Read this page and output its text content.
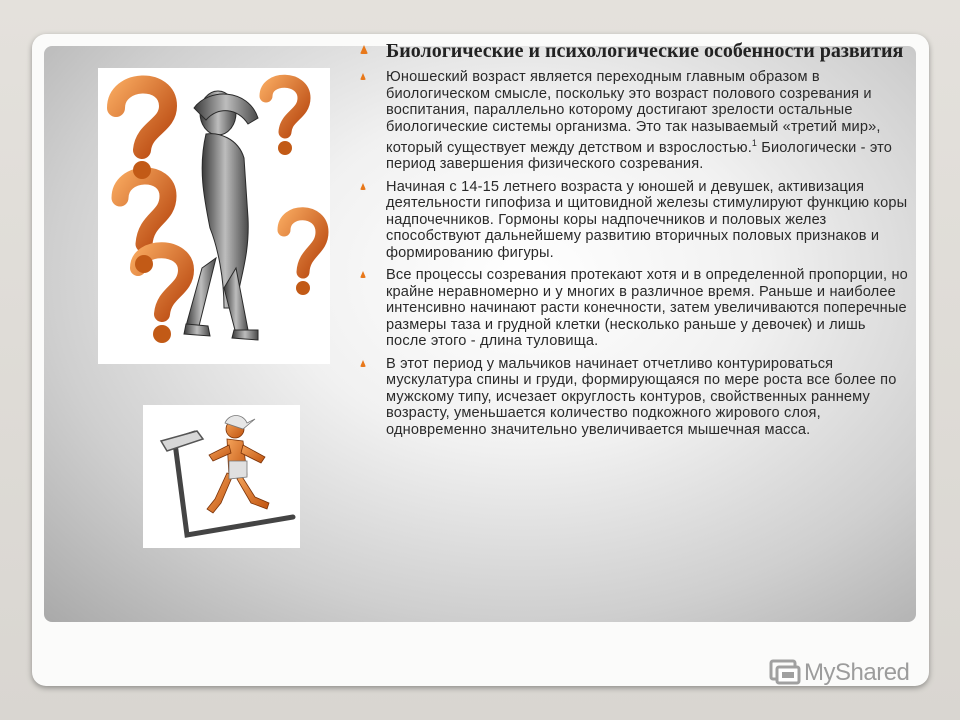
Биологические и психологические особенности развития
Юношеский возраст является переходным главным образом в биологическом смысле, поскольку это возраст полового созревания и воспитания, параллельно которому достигают зрелости остальные биологические системы организма. Это так называемый «третий мир», который существует между детством и взрослостью.$^1$ Биологически - это период завершения физического созревания.
Начиная с 14-15 летнего возраста у юношей и девушек, активизация деятельности гипофиза и щитовидной железы стимулируют функцию коры надпочечников. Гормоны коры надпочечников и половых желез способствуют дальнейшему развитию вторичных половых признаков и формированию фигуры.
Все процессы созревания протекают хотя и в определенной пропорции, но крайне неравномерно и у многих в различное время. Раньше и наиболее интенсивно начинают расти конечности, затем увеличиваются поперечные размеры таза и грудной клетки (несколько раньше у девочек) и лишь после этого - длина туловища.
В этот период у мальчиков начинает отчетливо контурироваться мускулатура спины и груди, формирующаяся по мере роста все более по мужскому типу, исчезает округлость контуров, свойственных раннему возрасту, уменьшается количество подкожного жирового слоя, одновременно значительно увеличивается мышечная масса.
MyShared
